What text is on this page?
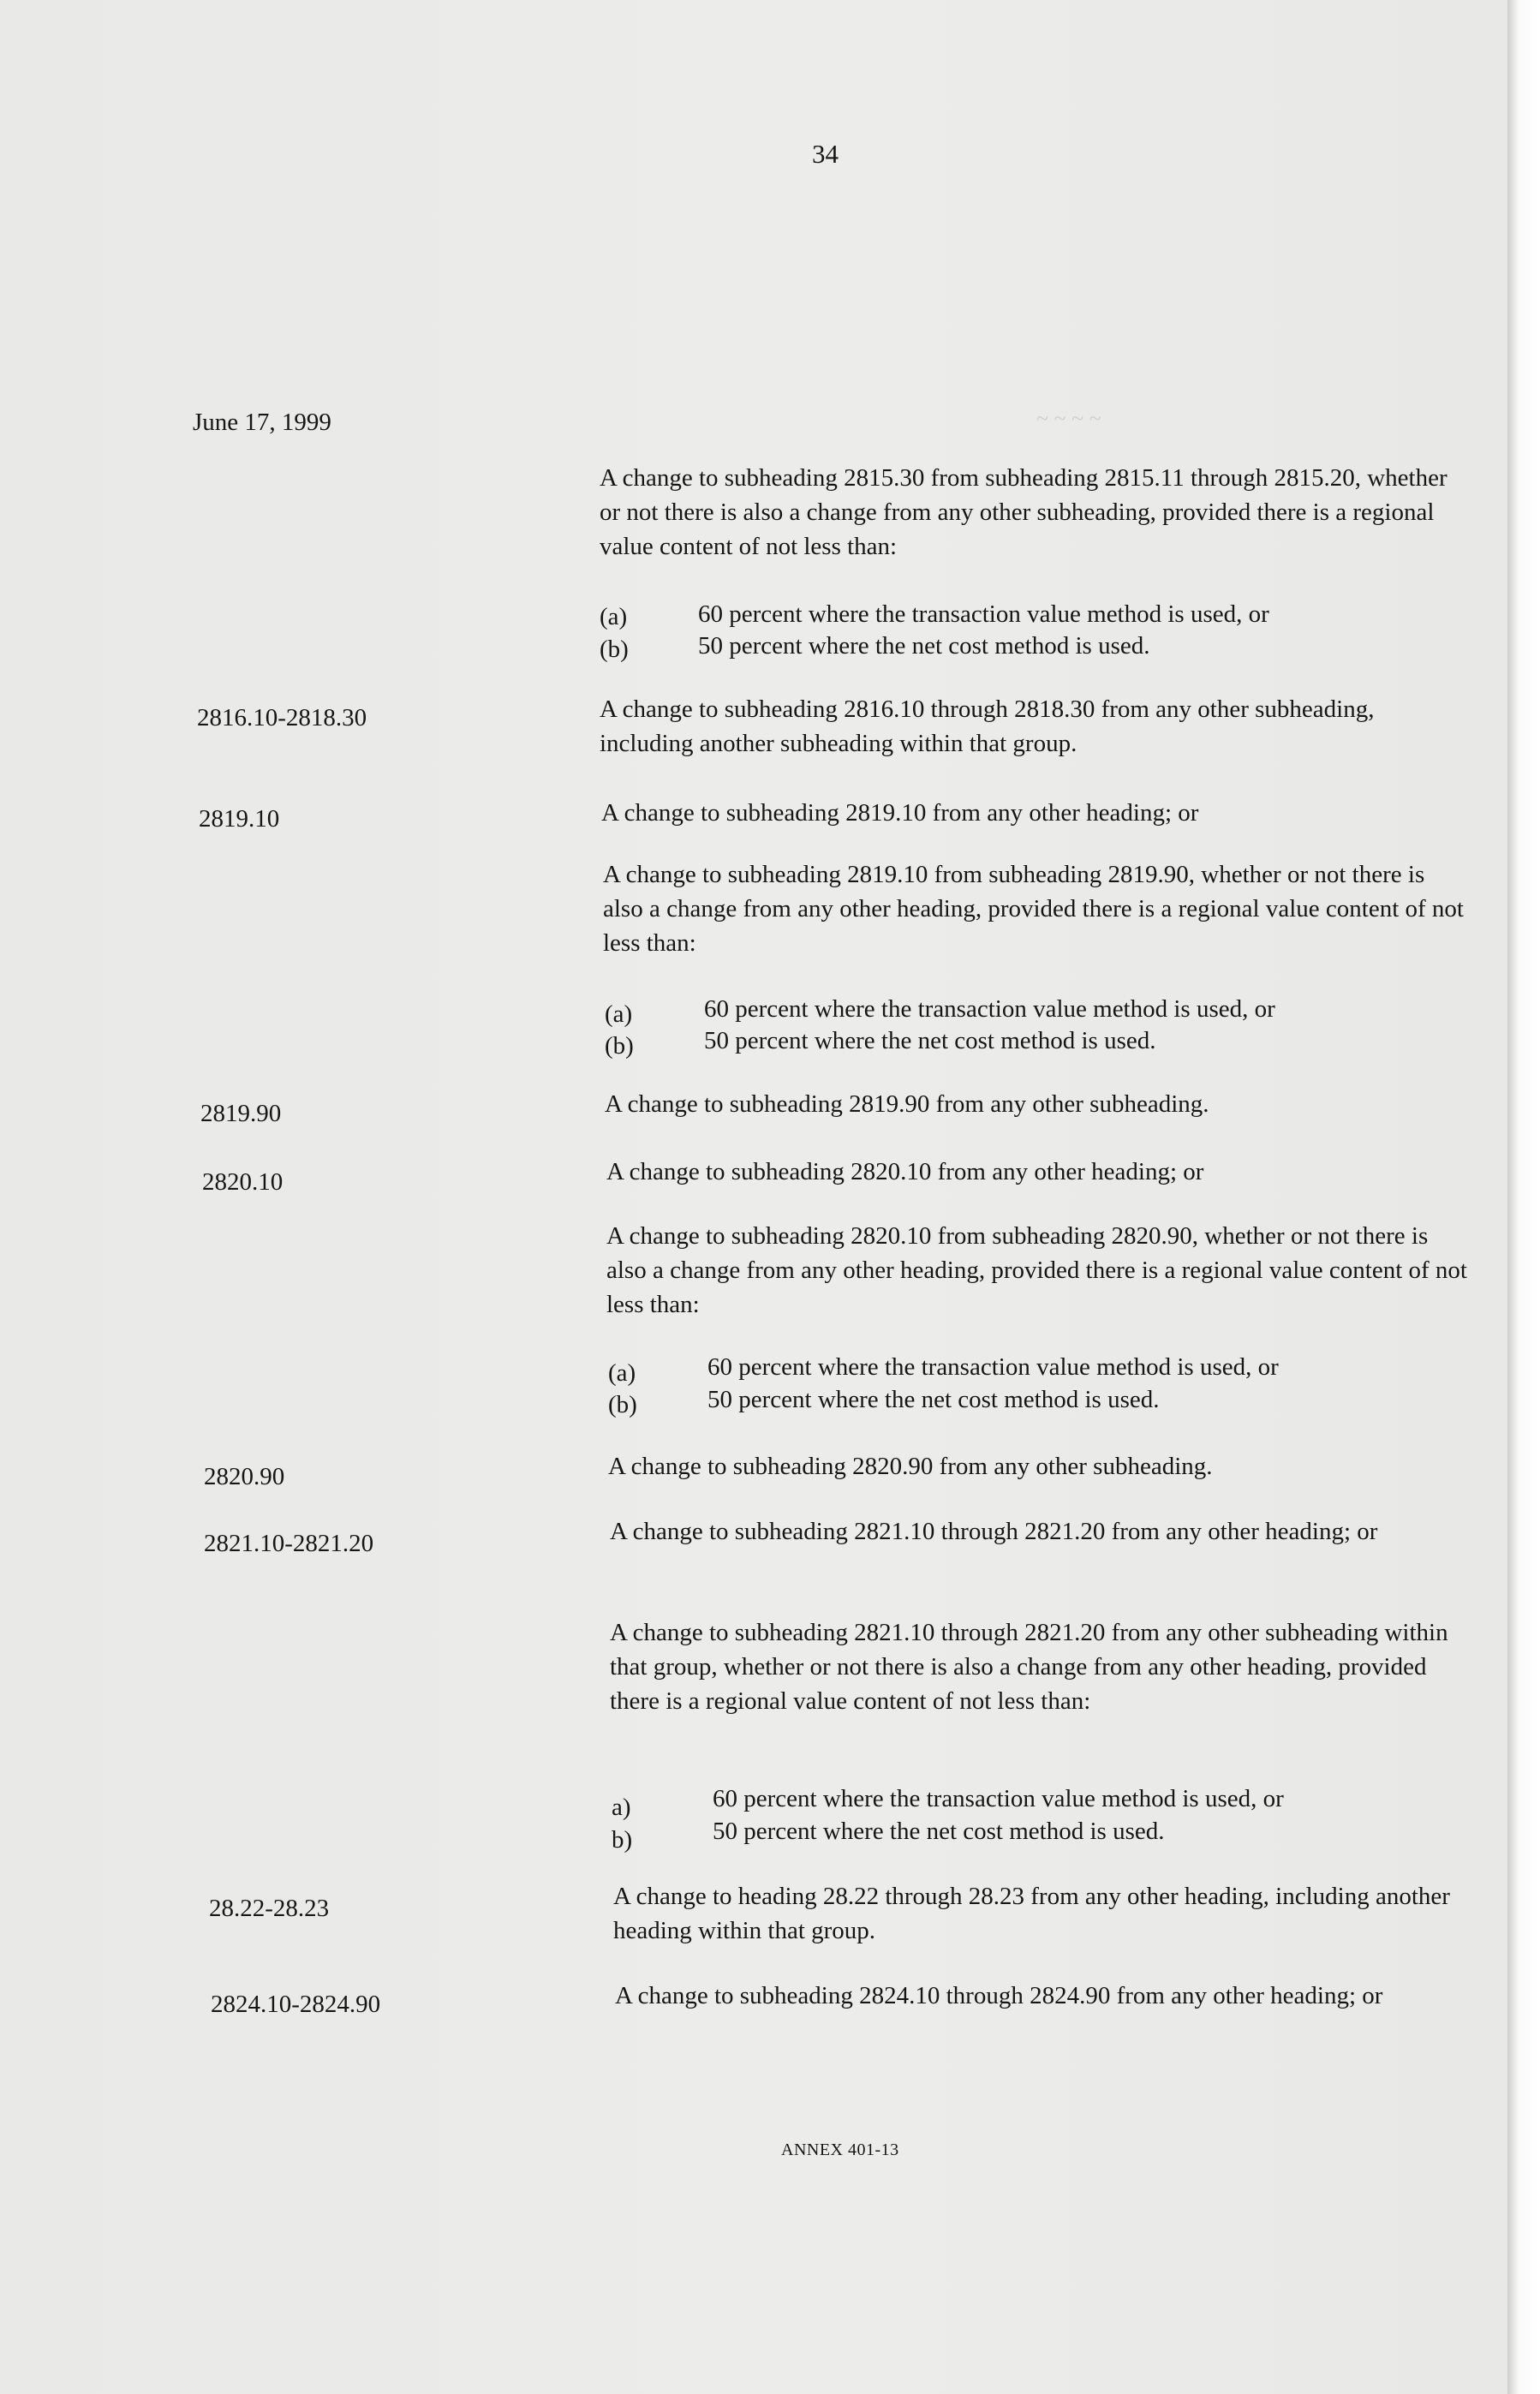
~ ~ ~ ~

34

June 17, 1999

A change to subheading 2815.30 from subheading 2815.11 through 2815.20, whether or not there is also a change from any other subheading, provided there is a regional value content of not less than:

(a)	60 percent where the transaction value method is used, or

(b)	50 percent where the net cost method is used.

2816.10-2818.30	A change to subheading 2816.10 through 2818.30 from any other subheading, including another subheading within that group.

2819.10	A change to subheading 2819.10 from any other heading; or

A change to subheading 2819.10 from subheading 2819.90, whether or not there is also a change from any other heading, provided there is a regional value content of not less than:

(a)	60 percent where the transaction value method is used, or

(b)	50 percent where the net cost method is used.

2819.90	A change to subheading 2819.90 from any other subheading.

2820.10	A change to subheading 2820.10 from any other heading; or

A change to subheading 2820.10 from subheading 2820.90, whether or not there is also a change from any other heading, provided there is a regional value content of not less than:

(a)	60 percent where the transaction value method is used, or

(b)	50 percent where the net cost method is used.

2820.90	A change to subheading 2820.90 from any other subheading.

2821.10-2821.20	A change to subheading 2821.10 through 2821.20 from any other heading; or

A change to subheading 2821.10 through 2821.20 from any other subheading within that group, whether or not there is also a change from any other heading, provided there is a regional value content of not less than:

a)	60 percent where the transaction value method is used, or

b)	50 percent where the net cost method is used.

28.22-28.23	A change to heading 28.22 through 28.23 from any other heading, including another heading within that group.

2824.10-2824.90	A change to subheading 2824.10 through 2824.90 from any other heading; or

ANNEX 401-13
